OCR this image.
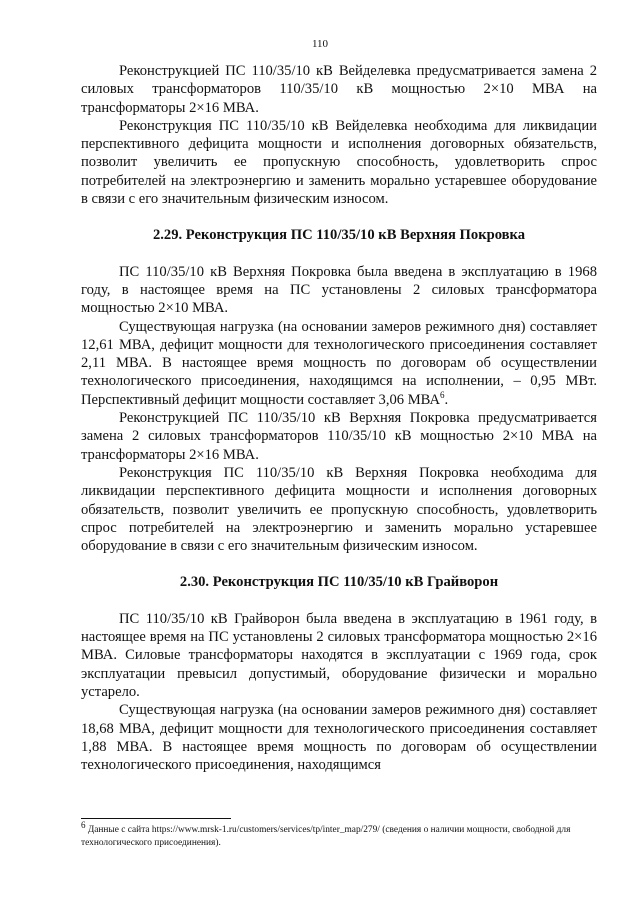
110

Реконструкцией ПС 110/35/10 кВ Вейделевка предусматривается замена 2 силовых трансформаторов 110/35/10 кВ мощностью 2×10 МВА на трансформаторы 2×16 МВА.

Реконструкция ПС 110/35/10 кВ Вейделевка необходима для ликвидации перспективного дефицита мощности и исполнения договорных обязательств, позволит увеличить ее пропускную способность, удовлетворить спрос потребителей на электроэнергию и заменить морально устаревшее оборудование в связи с его значительным физическим износом.

2.29. Реконструкция ПС 110/35/10 кВ Верхняя Покровка

ПС 110/35/10 кВ Верхняя Покровка была введена в эксплуатацию в 1968 году, в настоящее время на ПС установлены 2 силовых трансформатора мощностью 2×10 МВА.

Существующая нагрузка (на основании замеров режимного дня) составляет 12,61 МВА, дефицит мощности для технологического присоединения составляет 2,11 МВА. В настоящее время мощность по договорам об осуществлении технологического присоединения, находящимся на исполнении, – 0,95 МВт. Перспективный дефицит мощности составляет 3,06 МВА$^6$.

Реконструкцией ПС 110/35/10 кВ Верхняя Покровка предусматривается замена 2 силовых трансформаторов 110/35/10 кВ мощностью 2×10 МВА на трансформаторы 2×16 МВА.

Реконструкция ПС 110/35/10 кВ Верхняя Покровка необходима для ликвидации перспективного дефицита мощности и исполнения договорных обязательств, позволит увеличить ее пропускную способность, удовлетворить спрос потребителей на электроэнергию и заменить морально устаревшее оборудование в связи с его значительным физическим износом.

2.30. Реконструкция ПС 110/35/10 кВ Грайворон

ПС 110/35/10 кВ Грайворон была введена в эксплуатацию в 1961 году, в настоящее время на ПС установлены 2 силовых трансформатора мощностью 2×16 МВА. Силовые трансформаторы находятся в эксплуатации с 1969 года, срок эксплуатации превысил допустимый, оборудование физически и морально устарело.

Существующая нагрузка (на основании замеров режимного дня) составляет 18,68 МВА, дефицит мощности для технологического присоединения составляет 1,88 МВА. В настоящее время мощность по договорам об осуществлении технологического присоединения, находящимся

$^6$ Данные с сайта https://www.mrsk-1.ru/customers/services/tp/inter_map/279/ (сведения о наличии мощности, свободной для технологического присоединения).
